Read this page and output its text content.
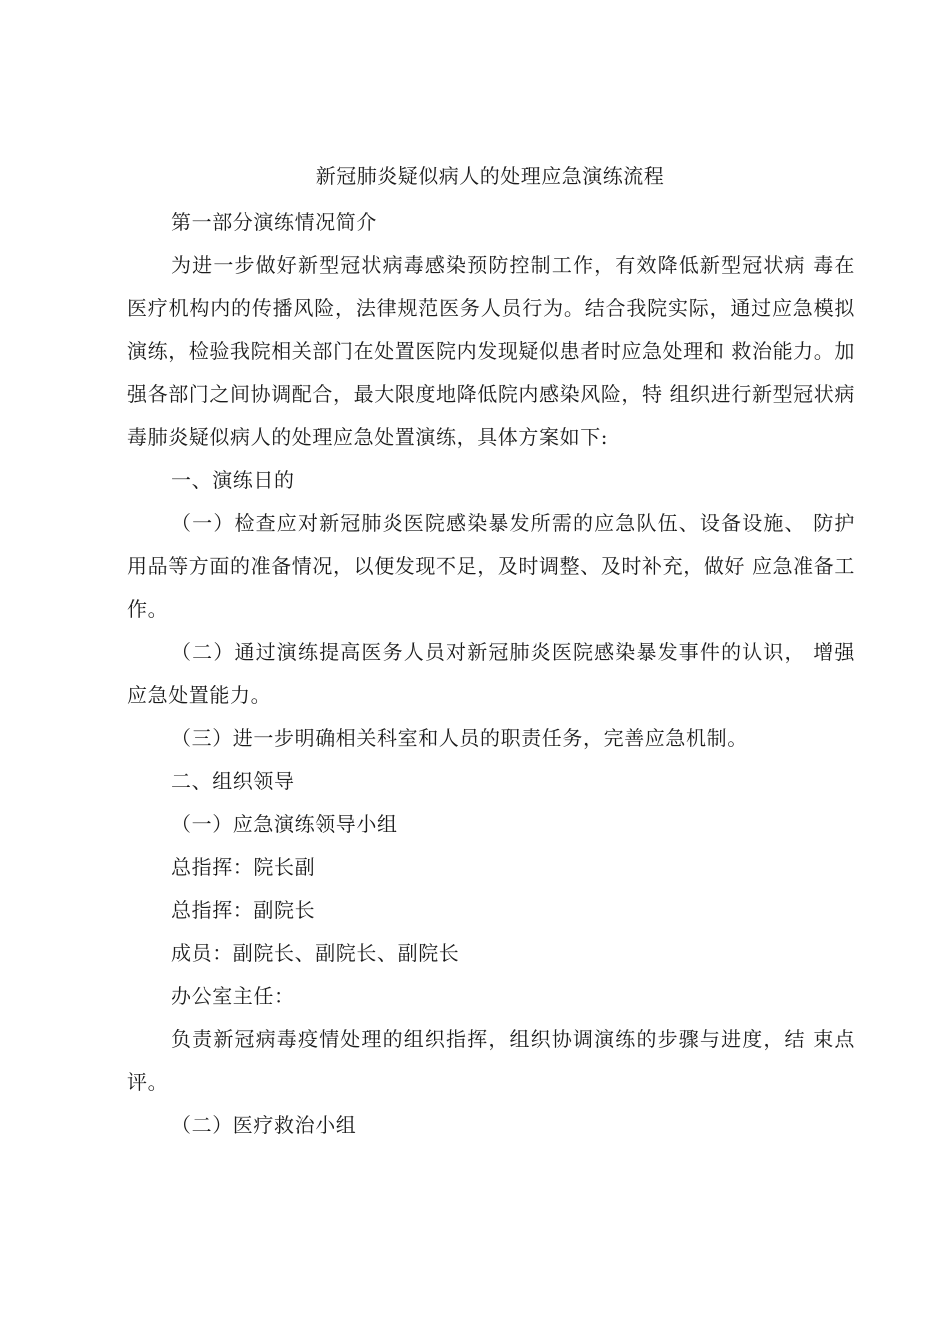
新冠肺炎疑似病人的处理应急演练流程

第一部分演练情况简介

为进一步做好新型冠状病毒感染预防控制工作，有效降低新型冠状病 毒在医疗机构内的传播风险，法律规范医务人员行为。结合我院实际，通过应急模拟演练，检验我院相关部门在处置医院内发现疑似患者时应急处理和 救治能力。加强各部门之间协调配合，最大限度地降低院内感染风险，特 组织进行新型冠状病毒肺炎疑似病人的处理应急处置演练，具体方案如下:

一、演练日的

（一）检查应对新冠肺炎医院感染暴发所需的应急队伍、设备设施、 防护用品等方面的准备情况，以便发现不足，及时调整、及时补充，做好 应急准备工作。

（二）通过演练提高医务人员对新冠肺炎医院感染暴发事件的认识， 增强应急处置能力。

（三）进一步明确相关科室和人员的职责任务，完善应急机制。

二、组织领导

（一）应急演练领导小组

总指挥：院长副

总指挥：副院长

成员：副院长、副院长、副院长

办公室主任：

负责新冠病毒疫情处理的组织指挥，组织协调演练的步骤与进度，结 束点评。

（二）医疗救治小组
